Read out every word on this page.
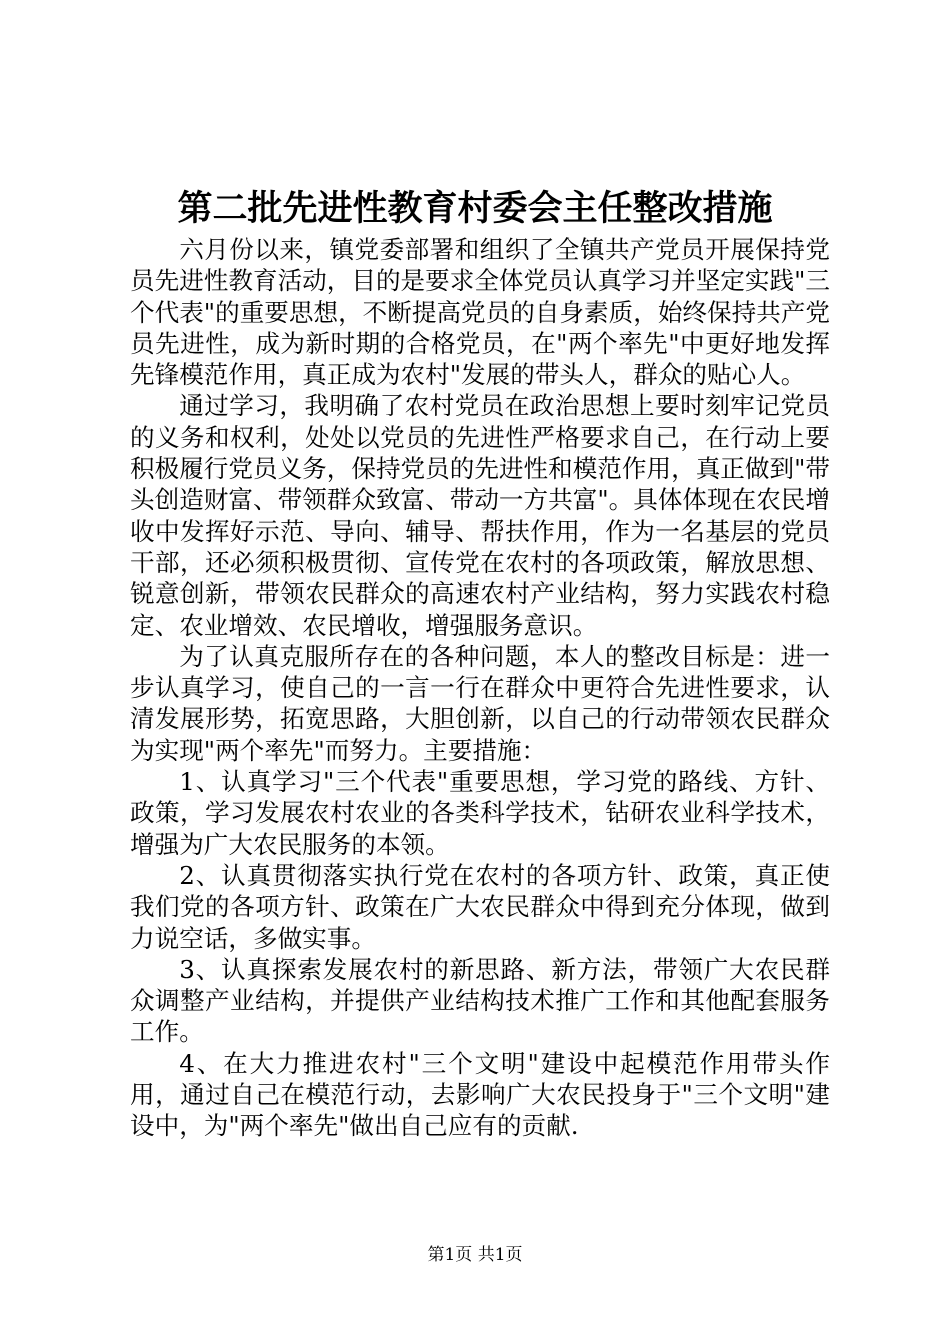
第二批先进性教育村委会主任整改措施

六月份以来，镇党委部署和组织了全镇共产党员开展保持党员先进性教育活动，目的是要求全体党员认真学习并坚定实践"三个代表"的重要思想，不断提高党员的自身素质，始终保持共产党员先进性，成为新时期的合格党员，在"两个率先"中更好地发挥先锋模范作用，真正成为农村"发展的带头人，群众的贴心人。

通过学习，我明确了农村党员在政治思想上要时刻牢记党员的义务和权利，处处以党员的先进性严格要求自己，在行动上要积极履行党员义务，保持党员的先进性和模范作用，真正做到"带头创造财富、带领群众致富、带动一方共富"。具体体现在农民增收中发挥好示范、导向、辅导、帮扶作用，作为一名基层的党员干部，还必须积极贯彻、宣传党在农村的各项政策，解放思想、锐意创新，带领农民群众的高速农村产业结构，努力实践农村稳定、农业增效、农民增收，增强服务意识。

为了认真克服所存在的各种问题，本人的整改目标是：进一步认真学习，使自己的一言一行在群众中更符合先进性要求，认清发展形势，拓宽思路，大胆创新，以自己的行动带领农民群众为实现"两个率先"而努力。主要措施：

1、认真学习"三个代表"重要思想，学习党的路线、方针、政策，学习发展农村农业的各类科学技术，钻研农业科学技术，增强为广大农民服务的本领。

2、认真贯彻落实执行党在农村的各项方针、政策，真正使我们党的各项方针、政策在广大农民群众中得到充分体现，做到力说空话，多做实事。

3、认真探索发展农村的新思路、新方法，带领广大农民群众调整产业结构，并提供产业结构技术推广工作和其他配套服务工作。

4、在大力推进农村"三个文明"建设中起模范作用带头作用，通过自己在模范行动，去影响广大农民投身于"三个文明"建设中，为"两个率先"做出自己应有的贡献.

第1页 共1页
